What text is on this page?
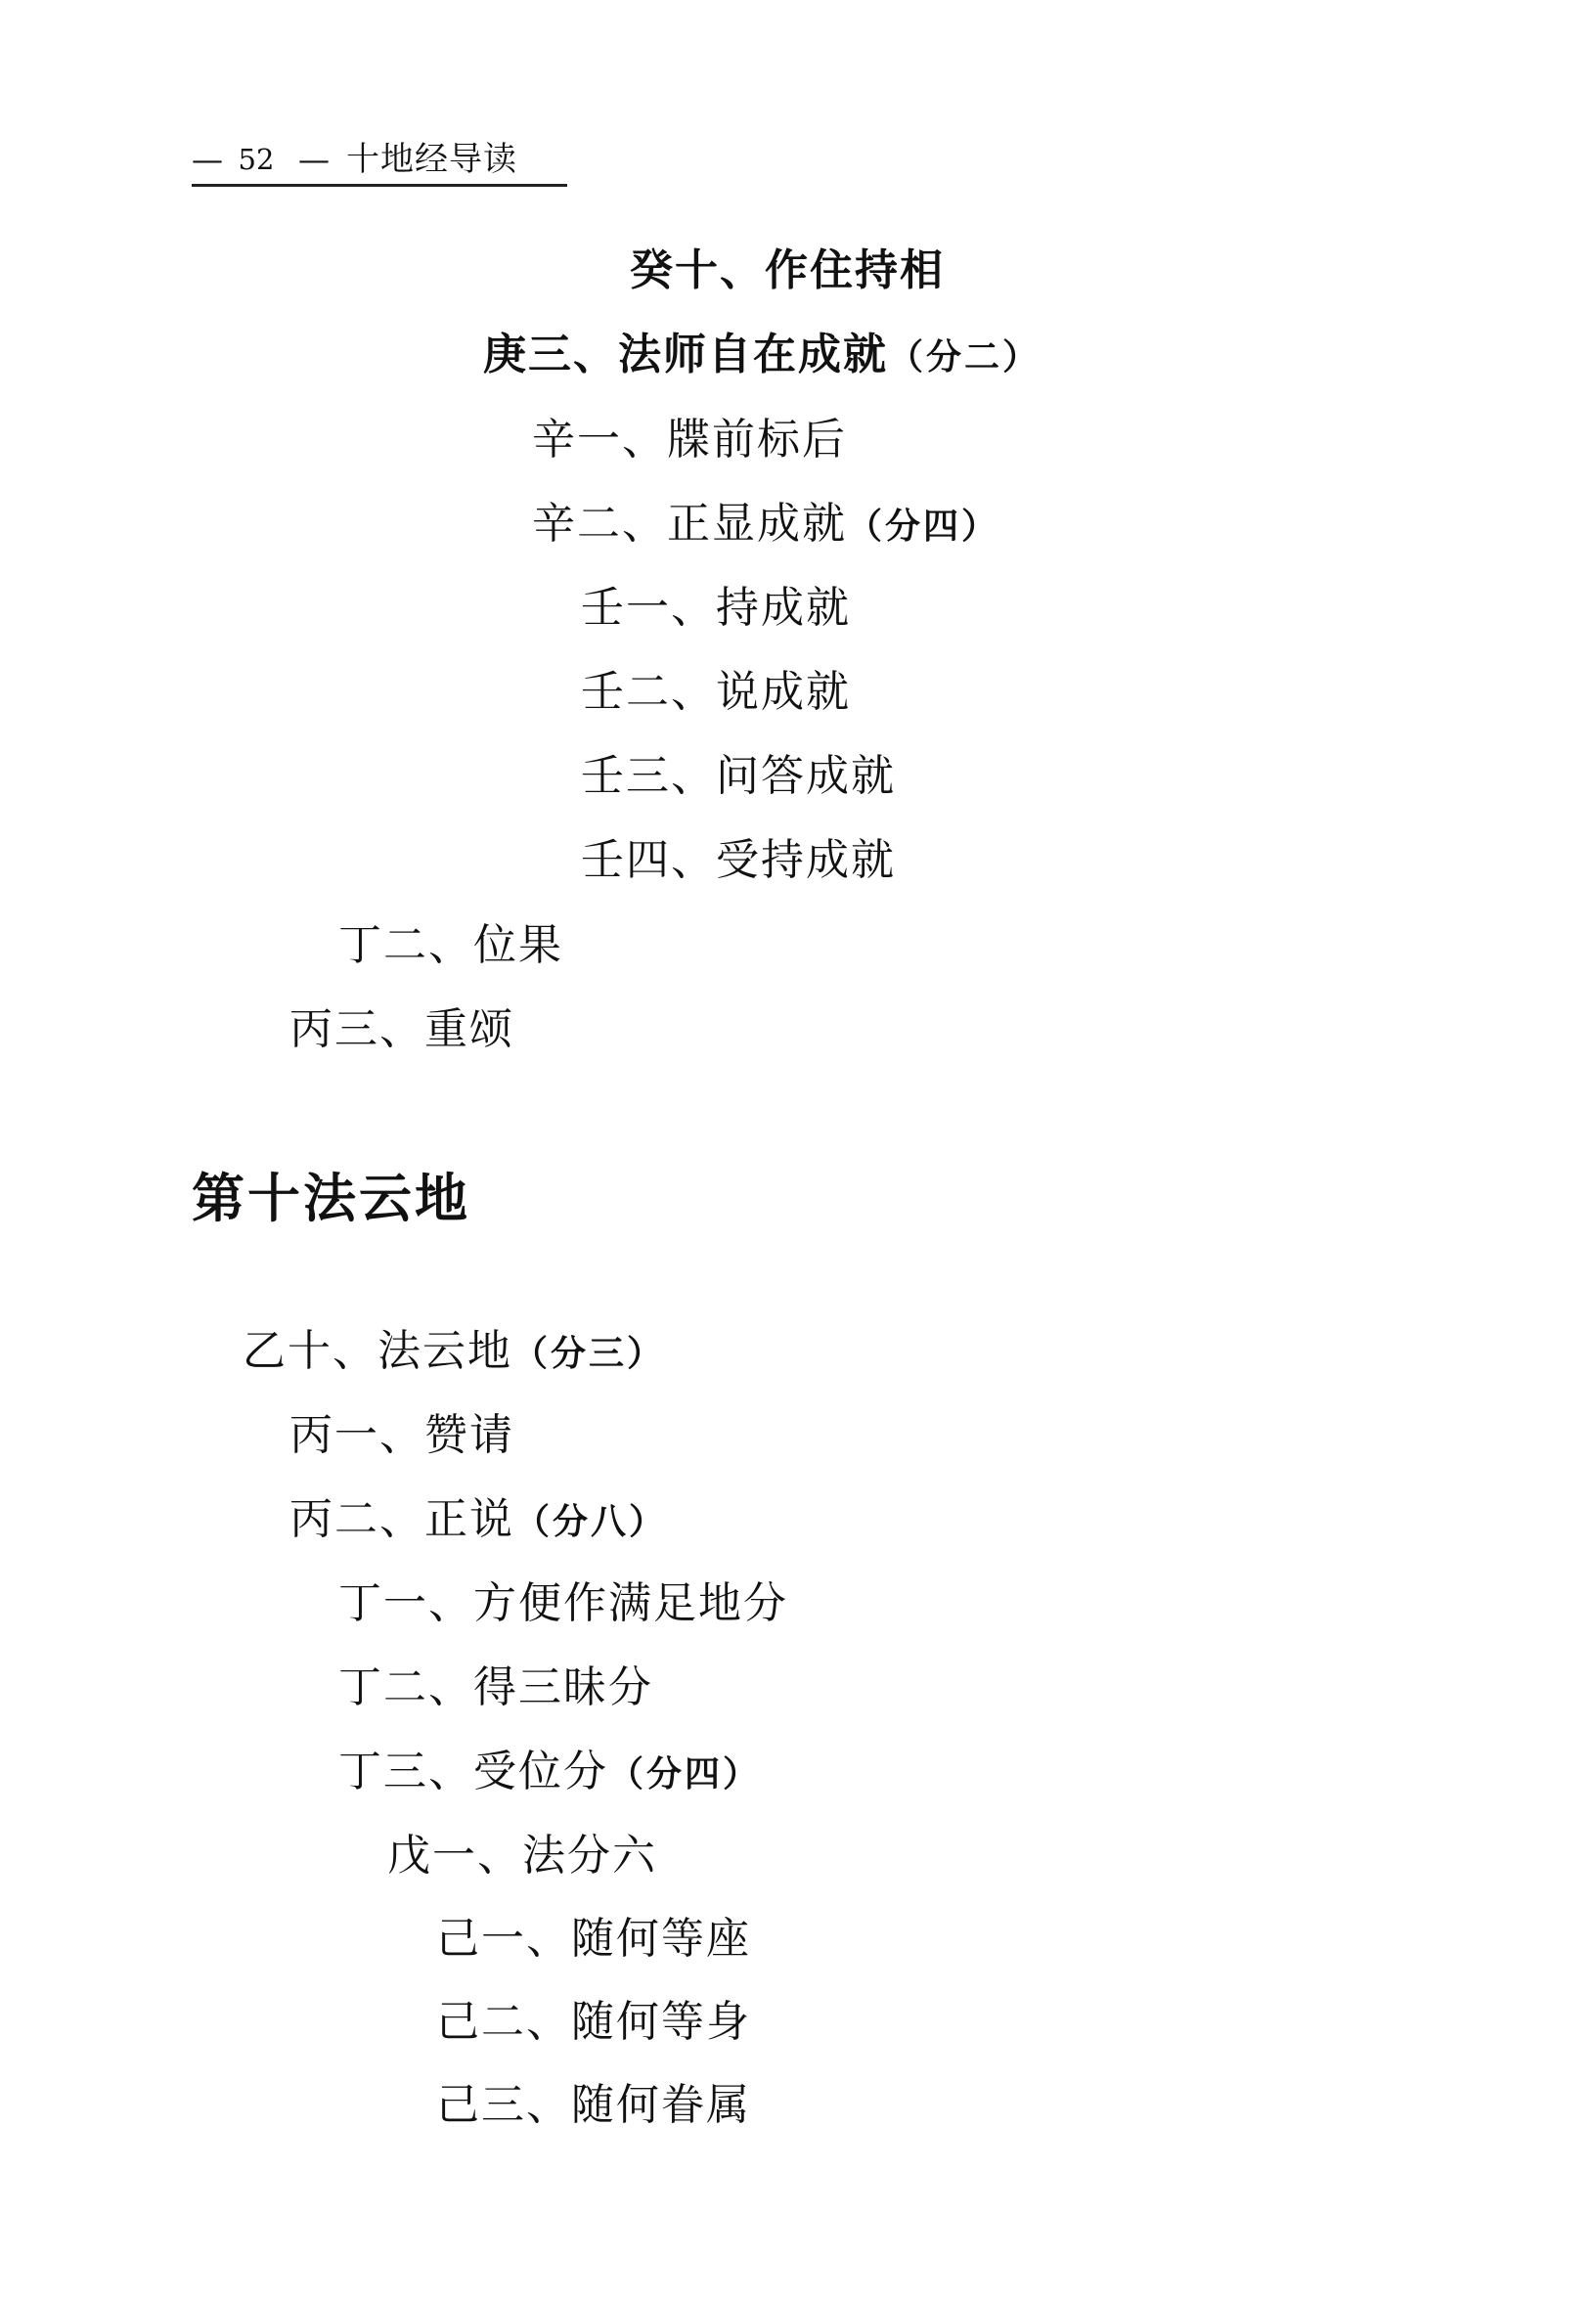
— 52 — 十地经导读
癸十、作住持相
庚三、法师自在成就（分二）
辛一、牒前标后
辛二、正显成就（分四）
壬一、持成就
壬二、说成就
壬三、问答成就
壬四、受持成就
丁二、位果
丙三、重颂
第十法云地
乙十、法云地（分三）
丙一、赞请
丙二、正说（分八）
丁一、方便作满足地分
丁二、得三昧分
丁三、受位分（分四）
戊一、法分六
己一、随何等座
己二、随何等身
己三、随何眷属
